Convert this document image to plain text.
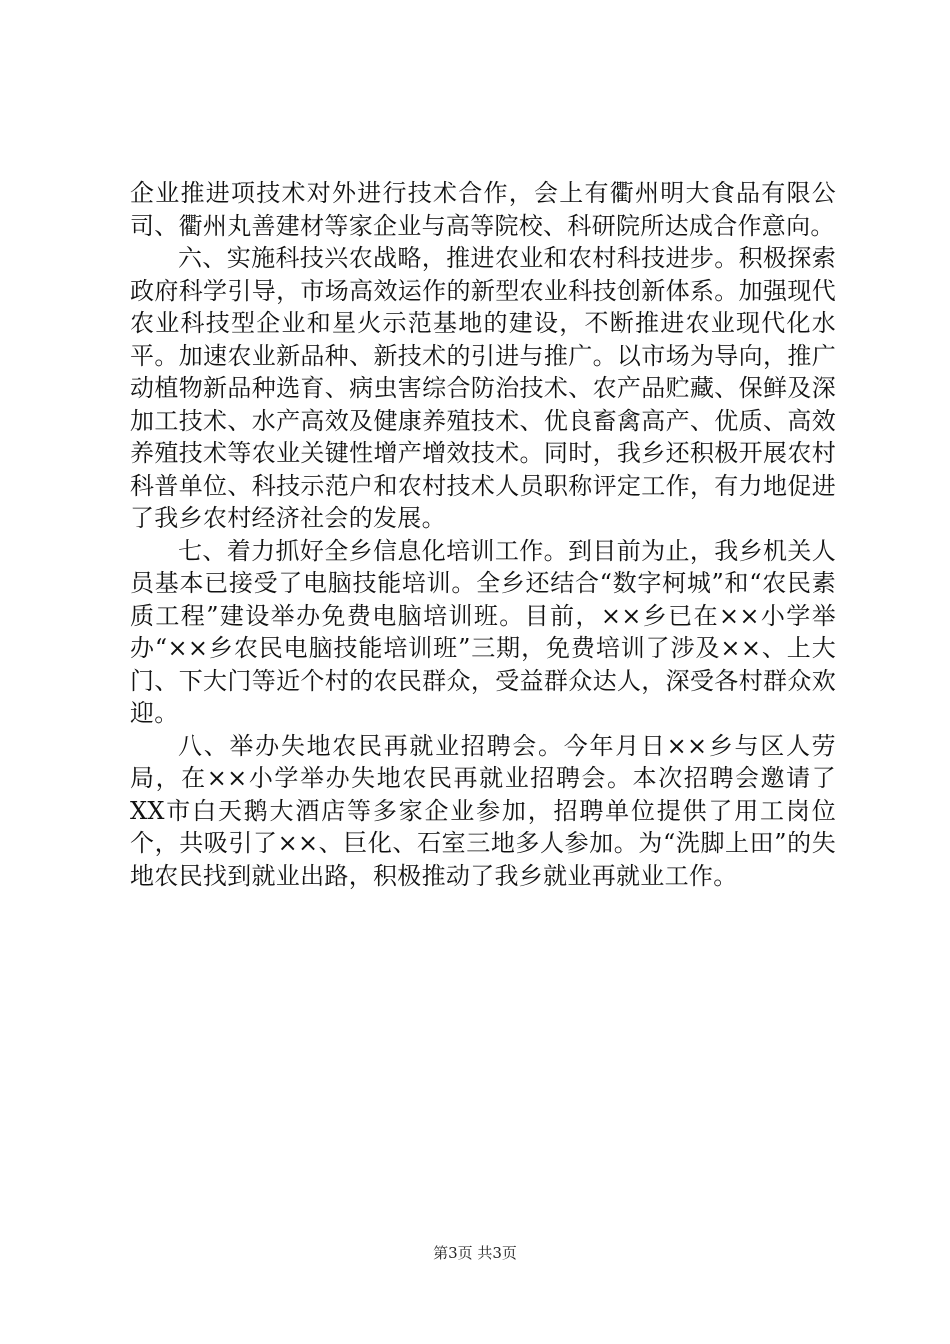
企业推进项技术对外进行技术合作，会上有衢州明大食品有限公司、衢州丸善建材等家企业与高等院校、科研院所达成合作意向。

六、实施科技兴农战略，推进农业和农村科技进步。积极探索政府科学引导，市场高效运作的新型农业科技创新体系。加强现代农业科技型企业和星火示范基地的建设，不断推进农业现代化水平。加速农业新品种、新技术的引进与推广。以市场为导向，推广动植物新品种选育、病虫害综合防治技术、农产品贮藏、保鲜及深加工技术、水产高效及健康养殖技术、优良畜禽高产、优质、高效养殖技术等农业关键性增产增效技术。同时，我乡还积极开展农村科普单位、科技示范户和农村技术人员职称评定工作，有力地促进了我乡农村经济社会的发展。

七、着力抓好全乡信息化培训工作。到目前为止，我乡机关人员基本已接受了电脑技能培训。全乡还结合“数字柯城”和“农民素质工程”建设举办免费电脑培训班。目前，××乡已在××小学举办“××乡农民电脑技能培训班”三期，免费培训了涉及××、上大门、下大门等近个村的农民群众，受益群众达人，深受各村群众欢迎。

八、举办失地农民再就业招聘会。今年月日××乡与区人劳局，在××小学举办失地农民再就业招聘会。本次招聘会邀请了XX市白天鹅大酒店等多家企业参加，招聘单位提供了用工岗位个，共吸引了××、巨化、石室三地多人参加。为“洗脚上田”的失地农民找到就业出路，积极推动了我乡就业再就业工作。

第3页 共3页
